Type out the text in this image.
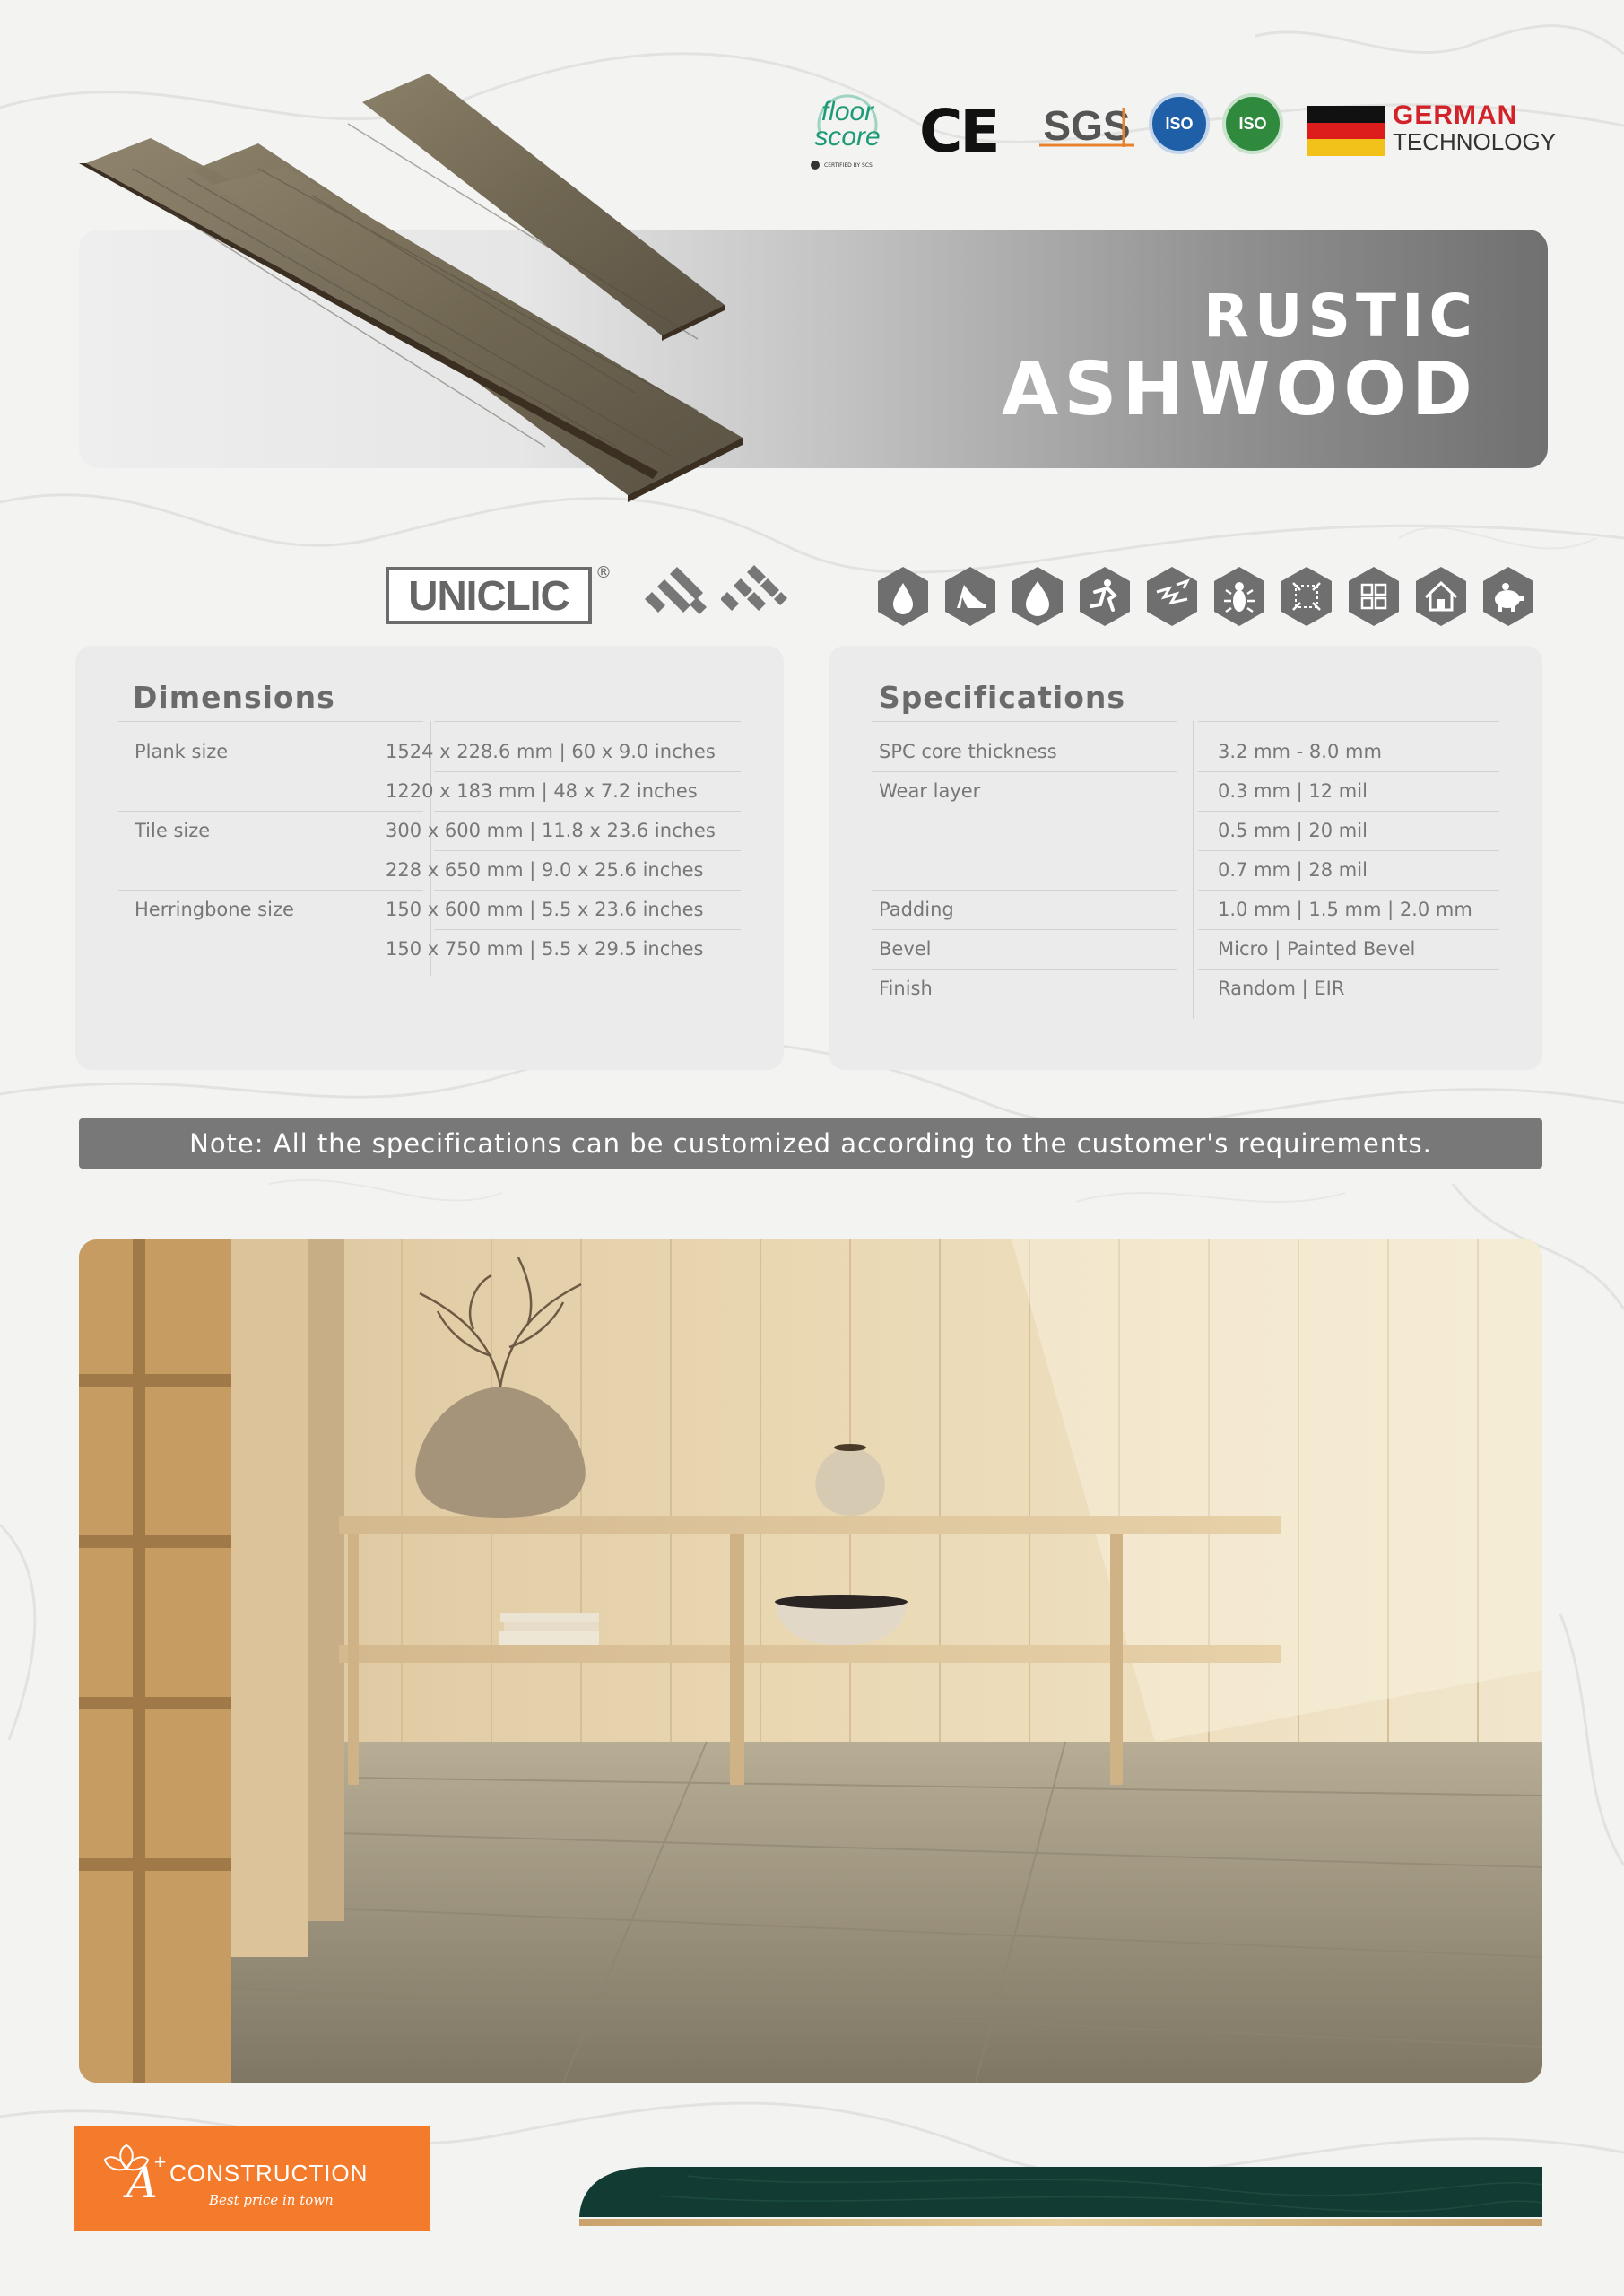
floor
score
CERTIFIED BY SCS CE SGS	ISO	ISO	GERMAN
TECHNOLOGY
RUSTIC
ASHWOOD
UNICLIC	®
Dimensions
Plank size	1524 x 228.6 mm | 60 x 9.0 inches
1220 x 183 mm | 48 x 7.2 inches
Tile size	300 x 600 mm | 11.8 x 23.6 inches
228 x 650 mm | 9.0 x 25.6 inches
Herringbone size	150 x 600 mm | 5.5 x 23.6 inches
150 x 750 mm | 5.5 x 29.5 inches
Specifications
SPC core thickness	3.2 mm - 8.0 mm
Wear layer	0.3 mm | 12 mil
0.5 mm | 20 mil
0.7 mm | 28 mil
Padding	1.0 mm | 1.5 mm | 2.0 mm
Bevel	Micro | Painted Bevel
Finish	Random | EIR
Note: All the specifications can be customized according to the customer's requirements.
A
+ CONSTRUCTION
Best price in town
